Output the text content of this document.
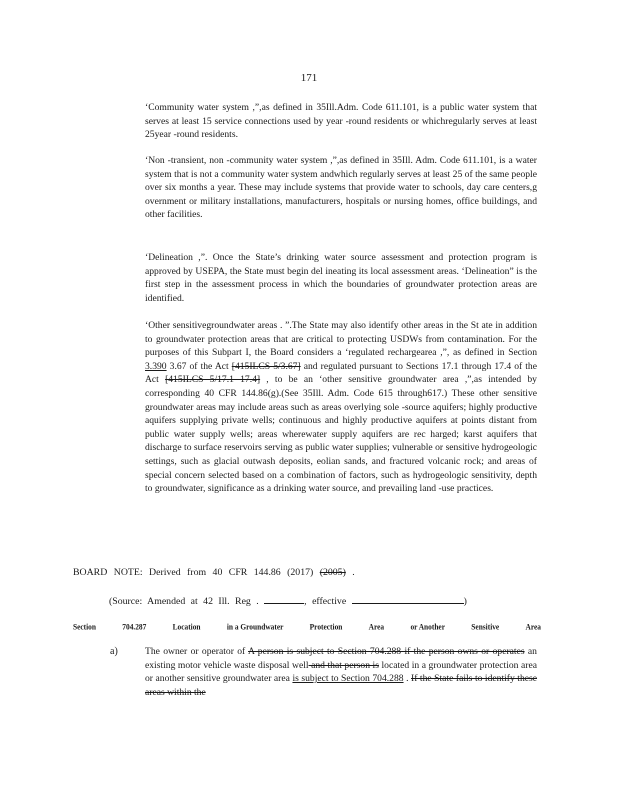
171

‘Community water system ,”,as defined in 35Ill.Adm. Code 611.101, is a public water system that serves at least 15 service connections used by year -round residents or whichregularly serves at least 25year -round residents.

‘Non -transient, non -community water system ,”,as defined in 35Ill. Adm. Code 611.101, is a water system that is not a community water system andwhich regularly serves at least 25 of the same people over six months a year. These may include systems that provide water to schools, day care centers,g overnment or military installations, manufacturers, hospitals or nursing homes, office buildings, and other facilities.

‘Delineation ,”. Once the State’s drinking water source assessment and protection program is approved by USEPA, the State must begin del ineating its local assessment areas. ‘Delineation” is the first step in the assessment process in which the boundaries of groundwater protection areas are identified.

‘Other sensitivegroundwater areas . ”.The State may also identify other areas in the St ate in addition to groundwater protection areas that are critical to protecting USDWs from contamination. For the purposes of this Subpart I, the Board considers a ‘regulated rechargearea ,”, as defined in Section 3.390 3.67 of the Act [415ILCS 5/3.67] and regulated pursuant to Sections 17.1 through 17.4 of the Act [415ILCS 5/17.1 17.4] , to be an ‘other sensitive groundwater area ,”,as intended by corresponding 40 CFR 144.86(g).(See 35Ill. Adm. Code 615 through617.) These other sensitive groundwater areas may include areas such as areas overlying sole -source aquifers; highly productive aquifers supplying private wells; continuous and highly productive aquifers at points distant from public water supply wells; areas wherewater supply aquifers are rec harged; karst aquifers that discharge to surface reservoirs serving as public water supplies; vulnerable or sensitive hydrogeologic settings, such as glacial outwash deposits, eolian sands, and fractured volcanic rock; and areas of special concern selected based on a combination of factors, such as hydrogeologic sensitivity, depth to groundwater, significance as a drinking water source, and prevailing land -use practices.

BOARD NOTE: Derived from 40 CFR 144.86 (2017) (2005) .
(Source: Amended at 42 Ill. Reg .	, effective	)
Section	704.287	Location	in a Groundwater	Protection	Area	or Another	Sensitive	Area
a)	The owner or operator of A person is subject to Section 704.288 if the person owns or operates an existing motor vehicle waste disposal well and that person is located in a groundwater protection area or another sensitive groundwater area is subject to Section 704.288 . If the State fails to identify these areas within the
